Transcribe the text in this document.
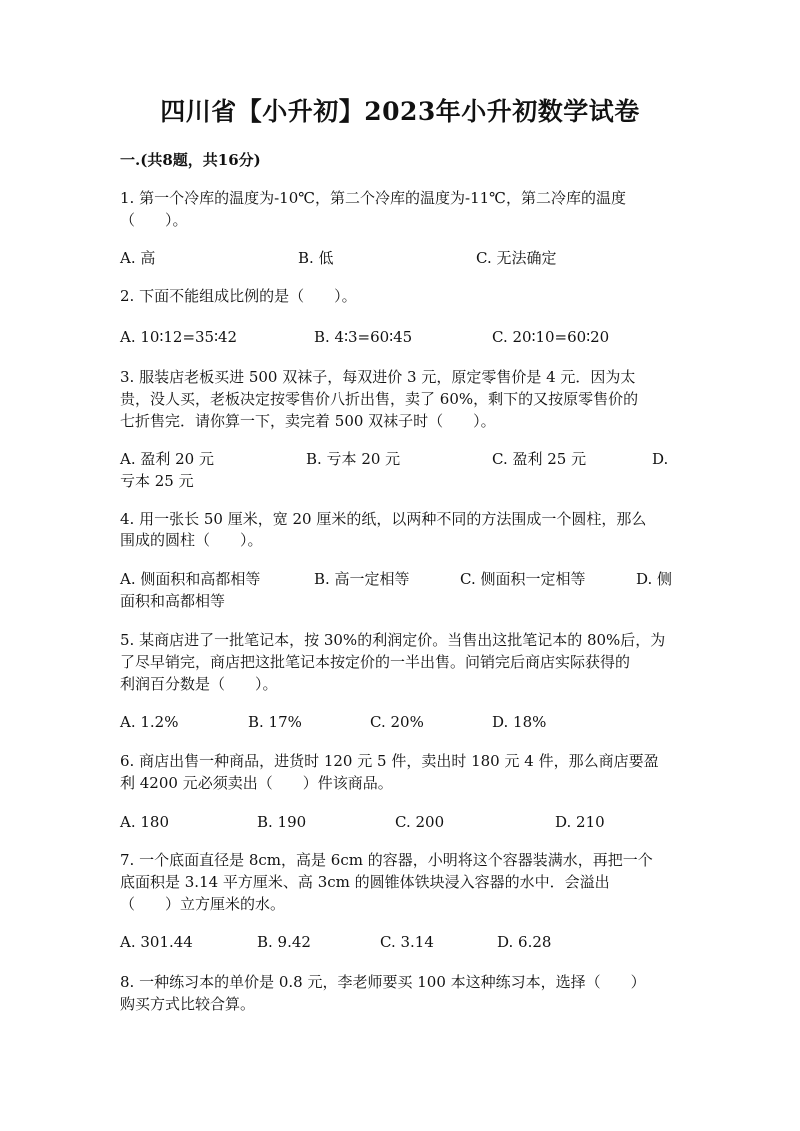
四川省【小升初】2023年小升初数学试卷
一.(共8题，共16分)
1. 第一个冷库的温度为-10℃，第二个冷库的温度为-11℃，第二冷库的温度
（　　）。
A. 高	B. 低	C. 无法确定
2. 下面不能组成比例的是（　　）。
A. 10∶12=35∶42	B. 4∶3=60∶45	C. 20∶10=60∶20
3. 服装店老板买进 500 双袜子，每双进价 3 元，原定零售价是 4 元．因为太
贵，没人买，老板决定按零售价八折出售，卖了 60%，剩下的又按原零售价的
七折售完．请你算一下，卖完着 500 双袜子时（　　）。
A. 盈利 20 元	B. 亏本 20 元	C. 盈利 25 元	D.
亏本 25 元
4. 用一张长 50 厘米，宽 20 厘米的纸，以两种不同的方法围成一个圆柱，那么
围成的圆柱（　　）。
A. 侧面积和高都相等	B. 高一定相等	C. 侧面积一定相等	D. 侧
面积和高都相等
5. 某商店进了一批笔记本，按 30%的利润定价。当售出这批笔记本的 80%后，为
了尽早销完，商店把这批笔记本按定价的一半出售。问销完后商店实际获得的
利润百分数是（　　）。
A. 1.2%	B. 17%	C. 20%	D. 18%
6. 商店出售一种商品，进货时 120 元 5 件，卖出时 180 元 4 件，那么商店要盈
利 4200 元必须卖出（　　）件该商品。
A. 180	B. 190	C. 200	D. 210
7. 一个底面直径是 8cm，高是 6cm 的容器，小明将这个容器装满水，再把一个
底面积是 3.14 平方厘米、高 3cm 的圆锥体铁块浸入容器的水中．会溢出
（　　）立方厘米的水。
A. 301.44	B. 9.42	C. 3.14	D. 6.28
8. 一种练习本的单价是 0.8 元，李老师要买 100 本这种练习本，选择（　　）
购买方式比较合算。
